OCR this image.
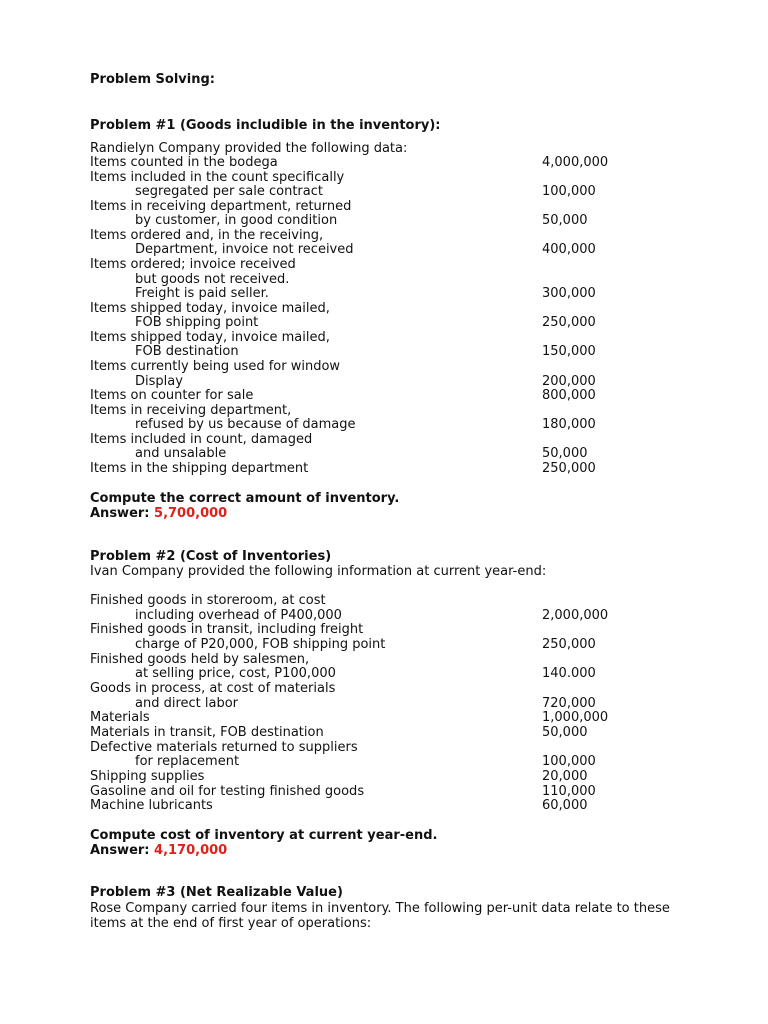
Problem Solving:
Problem #1 (Goods includible in the inventory):
Randielyn Company provided the following data:
Items counted in the bodega	4,000,000
Items included in the count specifically
segregated per sale contract	100,000
Items in receiving department, returned
by customer, in good condition	50,000
Items ordered and, in the receiving,
Department, invoice not received	400,000
Items ordered; invoice received
but goods not received.
Freight is paid seller.	300,000
Items shipped today, invoice mailed,
FOB shipping point	250,000
Items shipped today, invoice mailed,
FOB destination	150,000
Items currently being used for window
Display	200,000
Items on counter for sale	800,000
Items in receiving department,
refused by us because of damage	180,000
Items included in count, damaged
and unsalable	50,000
Items in the shipping department	250,000
Compute the correct amount of inventory.
Answer: 5,700,000
Problem #2 (Cost of Inventories)
Ivan Company provided the following information at current year-end:
Finished goods in storeroom, at cost
including overhead of P400,000	2,000,000
Finished goods in transit, including freight
charge of P20,000, FOB shipping point	250,000
Finished goods held by salesmen,
at selling price, cost, P100,000	140.000
Goods in process, at cost of materials
and direct labor	720,000
Materials	1,000,000
Materials in transit, FOB destination	50,000
Defective materials returned to suppliers
for replacement	100,000
Shipping supplies	20,000
Gasoline and oil for testing finished goods	110,000
Machine lubricants	60,000
Compute cost of inventory at current year-end.
Answer: 4,170,000
Problem #3 (Net Realizable Value)
Rose Company carried four items in inventory. The following per-unit data relate to these items at the end of first year of operations:
